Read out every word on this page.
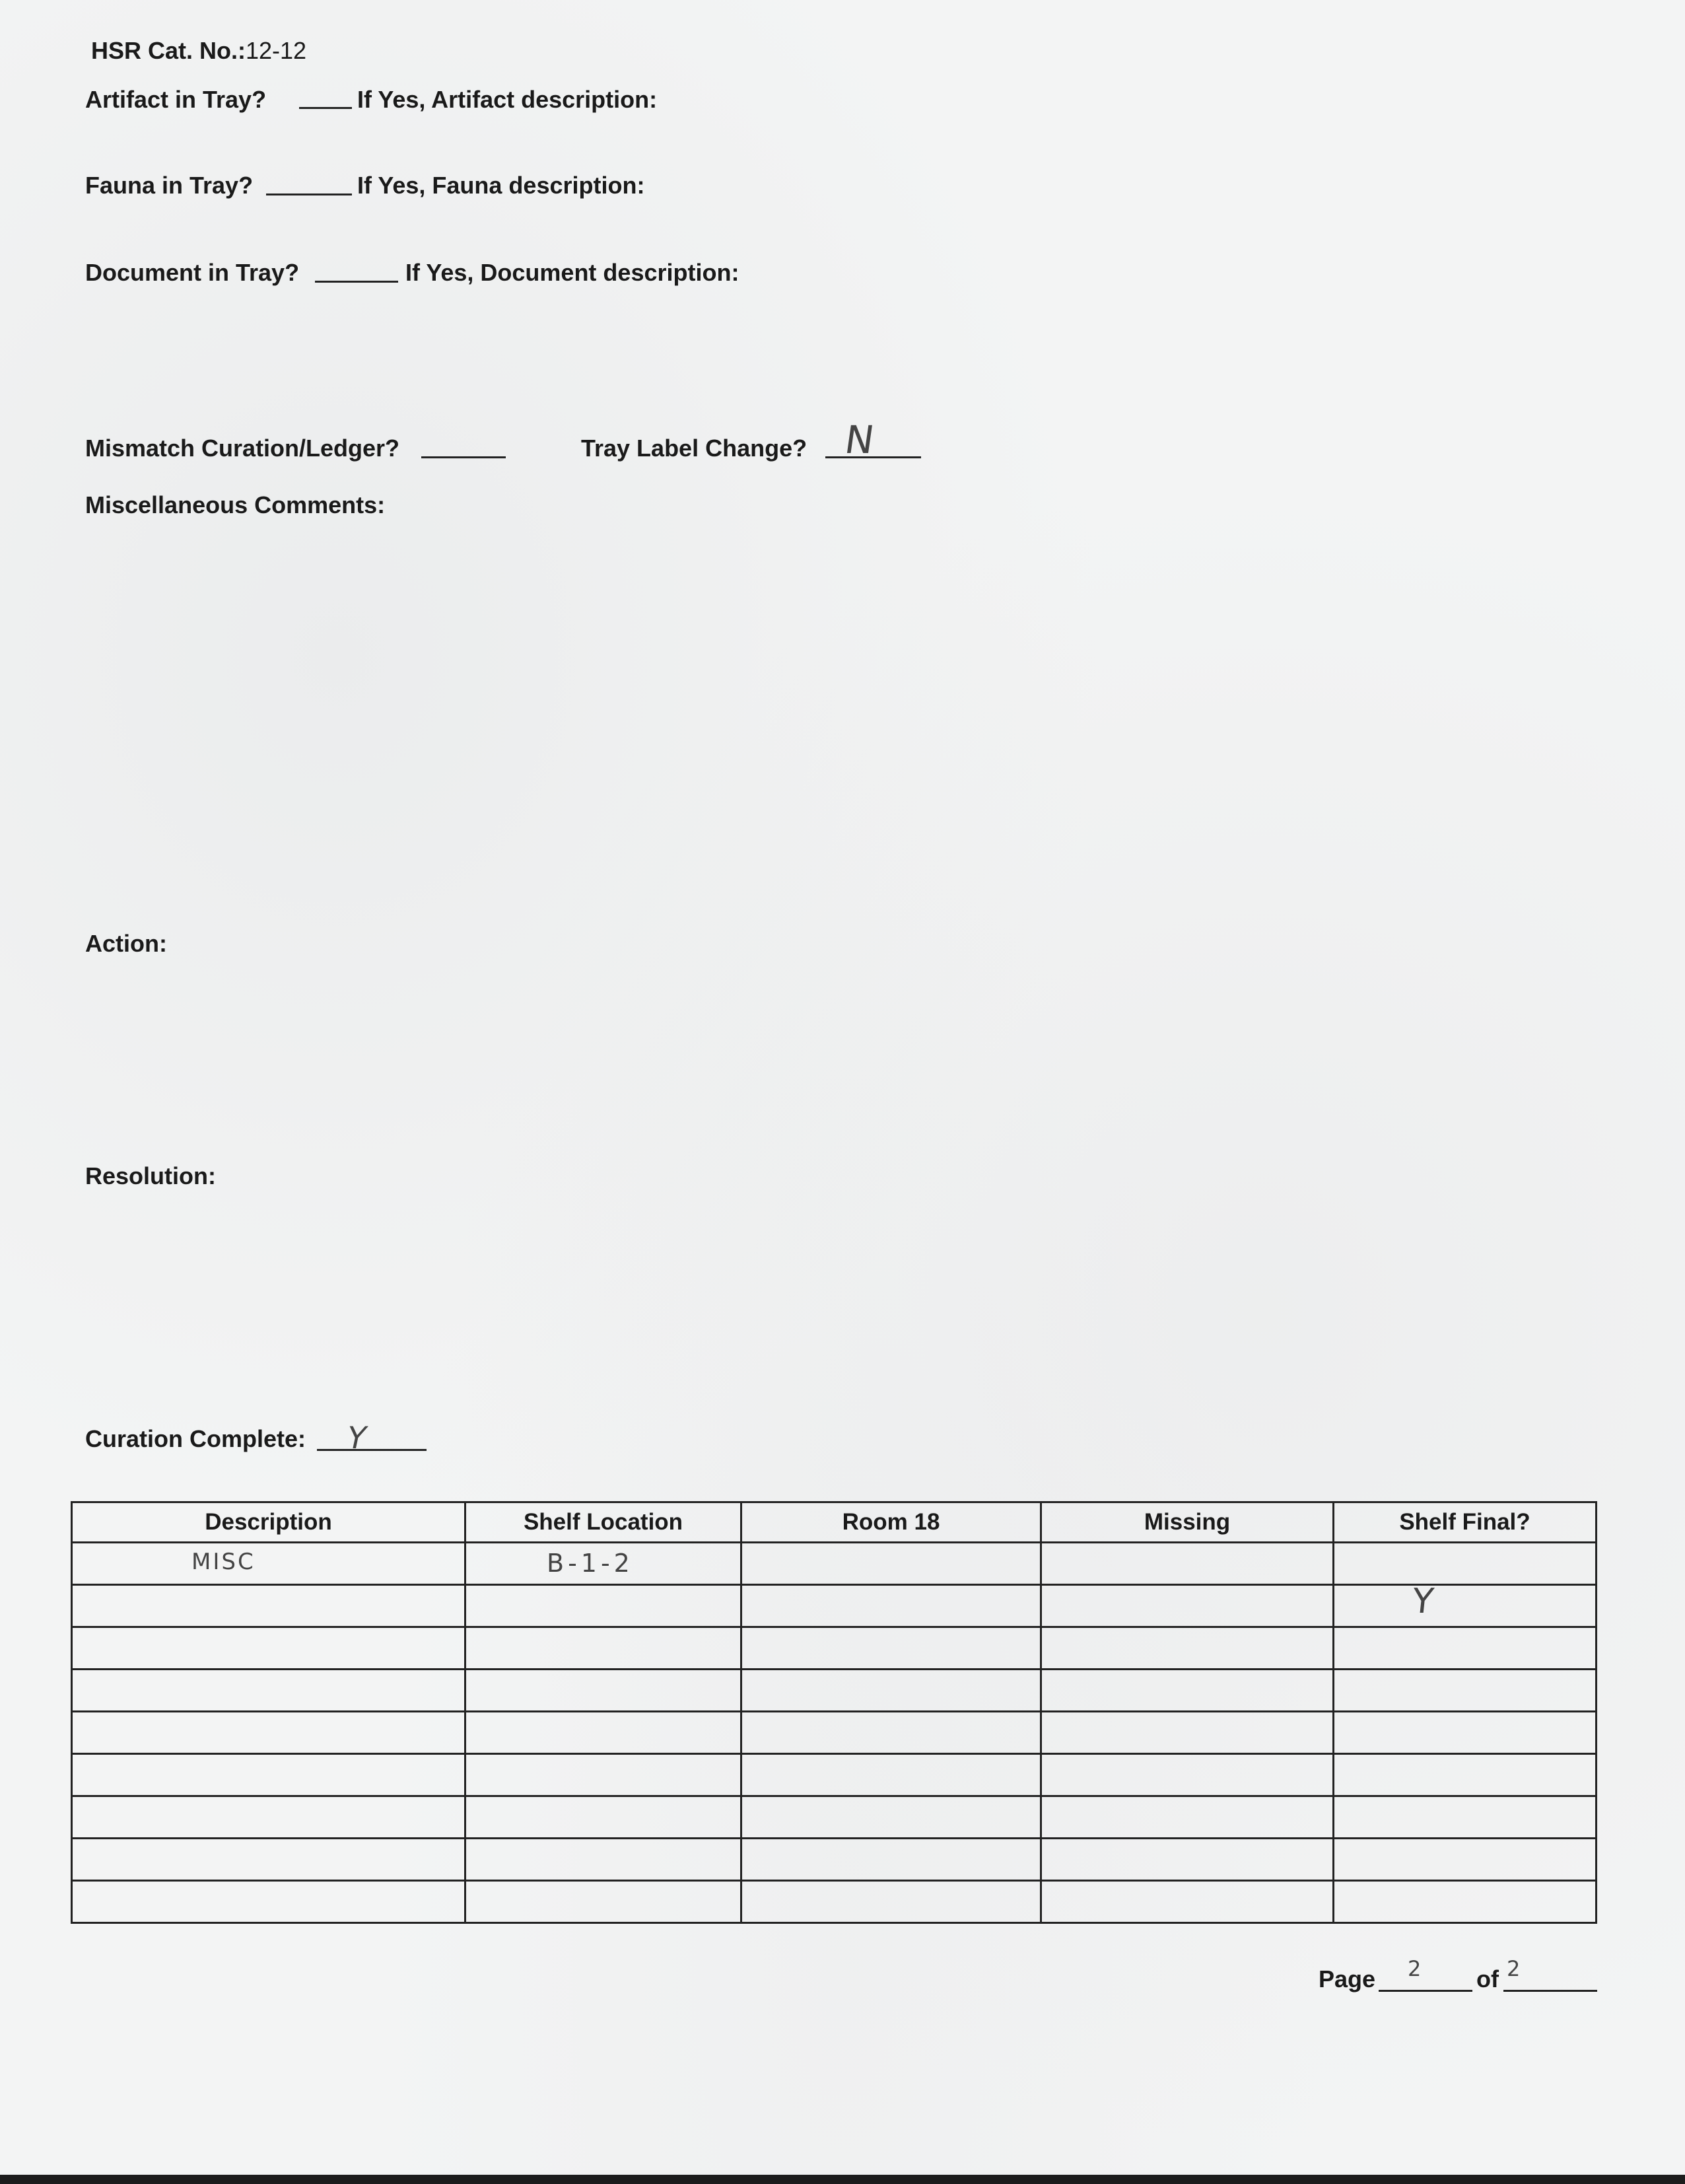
HSR Cat. No.:12-12
Artifact in Tray?	If Yes, Artifact description:
Fauna in Tray?	If Yes, Fauna description:
Document in Tray?	If Yes, Document description:
Mismatch Curation/Ledger?	Tray Label Change? N
Miscellaneous Comments:
Action:
Resolution:
Curation Complete: Y
Description	Shelf Location	Room 18	Missing	Shelf Final?

MISC	B-1-2			

				Y

Page 2 of 2
